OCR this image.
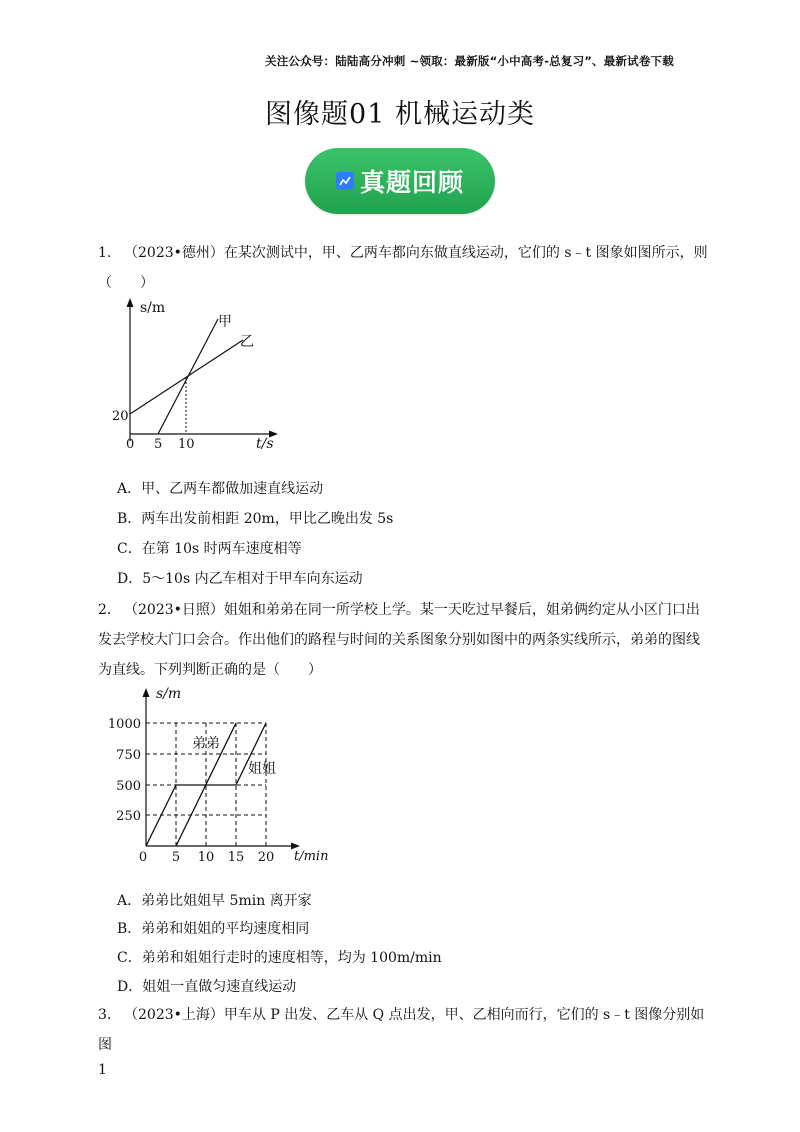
关注公众号：陆陆高分冲刺 ~领取：最新版“小中高考-总复习”、最新试卷下载
图像题01 机械运动类
真题回顾
1. （2023•德州）在某次测试中，甲、乙两车都向东做直线运动，它们的 s﹣t 图象如图所示，则（　　）
s/m
t/s
甲
乙
20
0 5 10
A．甲、乙两车都做加速直线运动
B．两车出发前相距 20m，甲比乙晚出发 5s
C．在第 10s 时两车速度相等
D．5～10s 内乙车相对于甲车向东运动
2. （2023•日照）姐姐和弟弟在同一所学校上学。某一天吃过早餐后，姐弟俩约定从小区门口出发去学校大门口会合。作出他们的路程与时间的关系图象分别如图中的两条实线所示，弟弟的图线为直线。下列判断正确的是（　　）
s/m
t/min
弟弟
姐姐
1000
750
500
250
0 5 10 15 20
A．弟弟比姐姐早 5min 离开家
B．弟弟和姐姐的平均速度相同
C．弟弟和姐姐行走时的速度相等，均为 100m/min
D．姐姐一直做匀速直线运动
3. （2023•上海）甲车从 P 出发、乙车从 Q 点出发，甲、乙相向而行，它们的 s﹣t 图像分别如图
1
